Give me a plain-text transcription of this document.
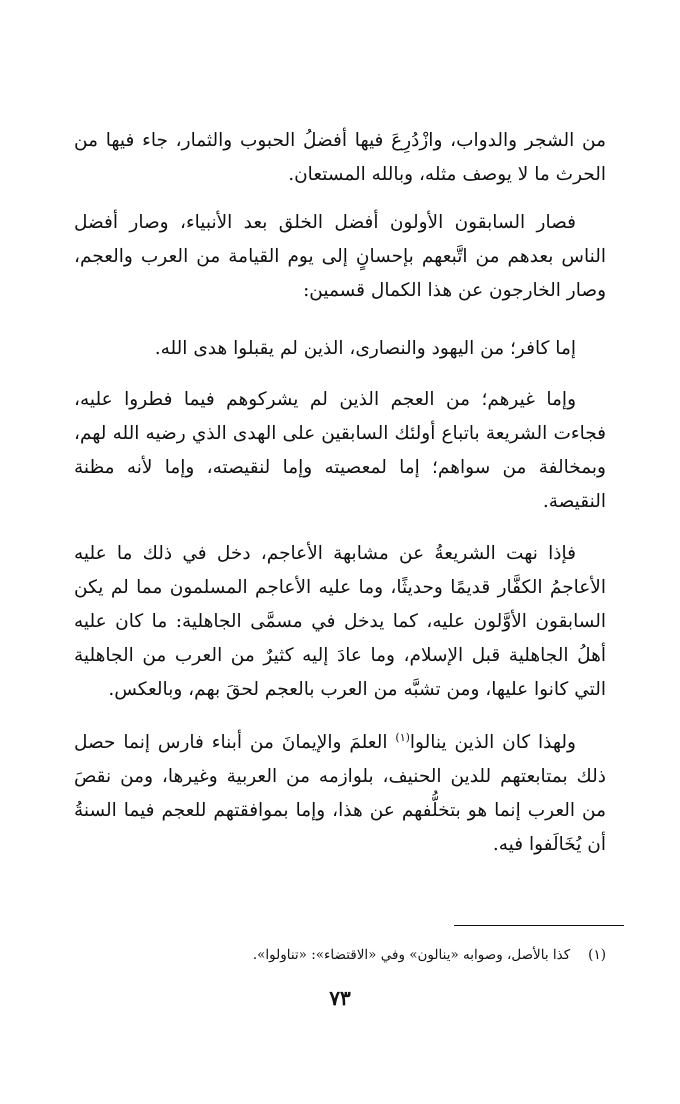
من الشجر والدواب، وازْدُرِعَ فيها أفضلُ الحبوب والثمار، جاء فيها من الحرث ما لا يوصف مثله، وبالله المستعان.

فصار السابقون الأولون أفضل الخلق بعد الأنبياء، وصار أفضل الناس بعدهم من اتَّبعهم بإحسانٍ إلى يوم القيامة من العرب والعجم، وصار الخارجون عن هذا الكمال قسمين:

إما كافر؛ من اليهود والنصارى، الذين لم يقبلوا هدى الله.

وإما غيرهم؛ من العجم الذين لم يشركوهم فيما فطروا عليه، فجاءت الشريعة باتباع أولئك السابقين على الهدى الذي رضيه الله لهم، وبمخالفة من سواهم؛ إما لمعصيته وإما لنقيصته، وإما لأنه مظنة النقيصة.

فإذا نهت الشريعةُ عن مشابهة الأعاجم، دخل في ذلك ما عليه الأعاجمُ الكفَّار قديمًا وحديثًا، وما عليه الأعاجم المسلمون مما لم يكن السابقون الأوَّلون عليه، كما يدخل في مسمَّى الجاهلية: ما كان عليه أهلُ الجاهلية قبل الإسلام، وما عادَ إليه كثيرٌ من العرب من الجاهلية التي كانوا عليها، ومن تشبَّه من العرب بالعجم لحقَ بهم، وبالعكس.

ولهذا كان الذين ينالوا$^{(١)}$ العلمَ والإيمانَ من أبناء فارس إنما حصل ذلك بمتابعتهم للدين الحنيف، بلوازمه من العربية وغيرها، ومن نقصَ من العرب إنما هو بتخلُّفهم عن هذا، وإما بموافقتهم للعجم فيما السنةُ أن يُخَالَفوا فيه.

(١)كذا بالأصل، وصوابه «ينالون» وفي «الاقتضاء»: «تناولوا».
٧٣
